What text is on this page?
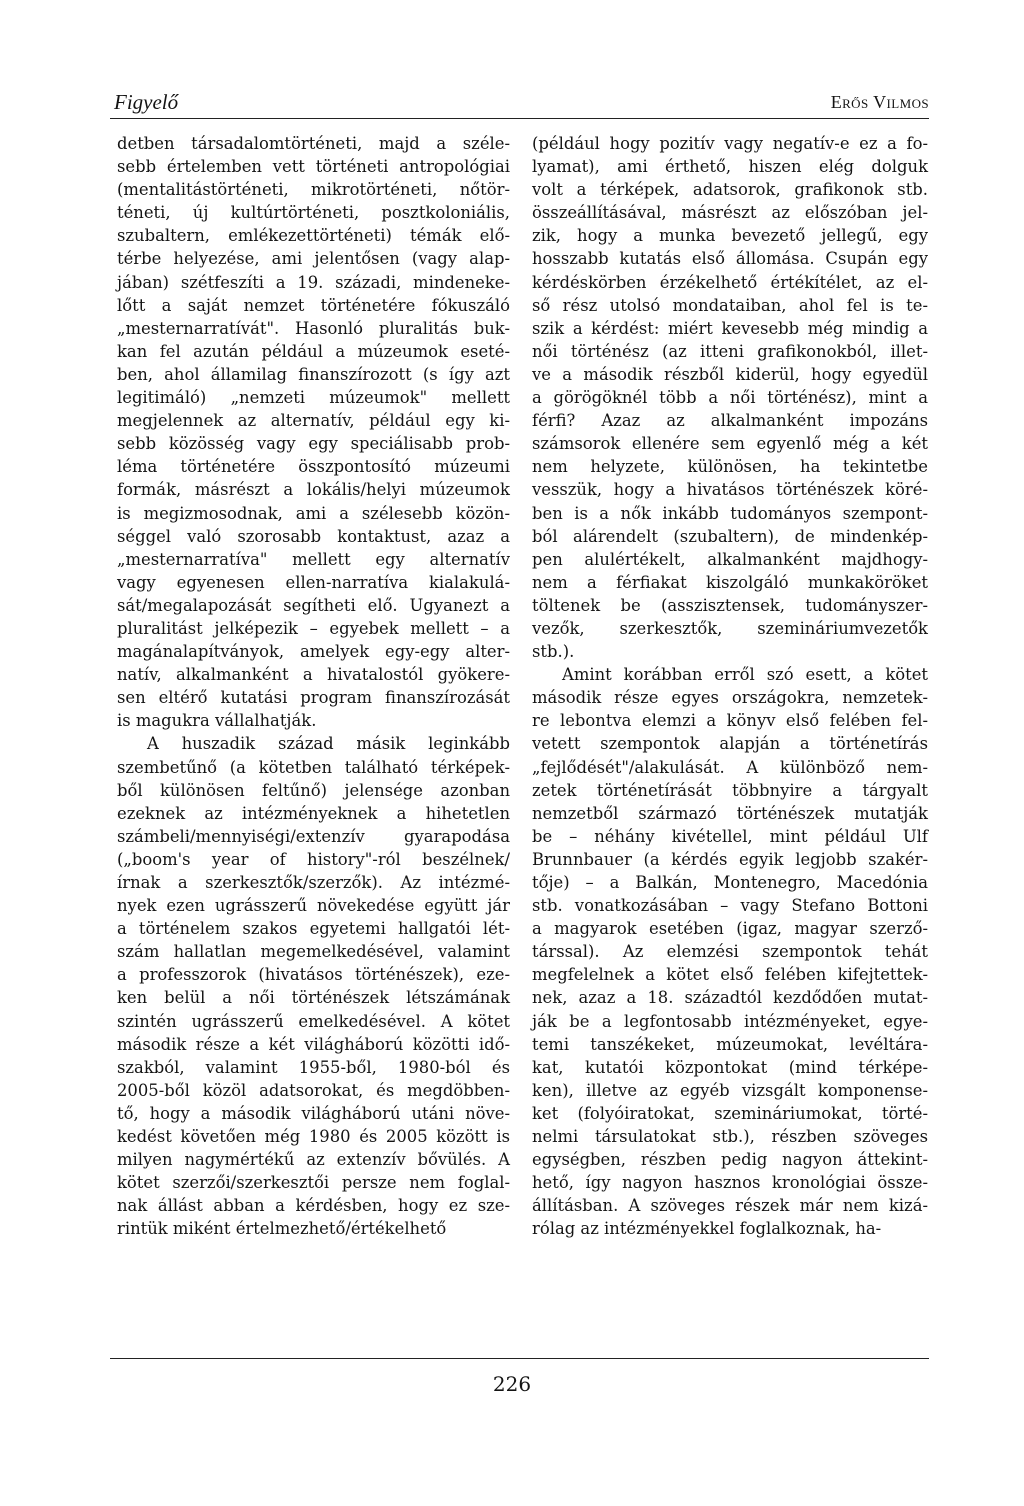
Figyelő	Erős Vilmos

detben társadalomtörténeti, majd a széle-
sebb értelemben vett történeti antropológiai
(mentalitástörténeti, mikrotörténeti, nőtör-
téneti, új kultúrtörténeti, posztkoloniális,
szubaltern, emlékezettörténeti) témák elő-
térbe helyezése, ami jelentősen (vagy alap-
jában) szétfeszíti a 19. századi, mindeneke-
lőtt a saját nemzet történetére fókuszáló
„mesternarratívát". Hasonló pluralitás buk-
kan fel azután például a múzeumok eseté-
ben, ahol államilag finanszírozott (s így azt
legitimáló) „nemzeti múzeumok" mellett
megjelennek az alternatív, például egy ki-
sebb közösség vagy egy speciálisabb prob-
léma történetére összpontosító múzeumi
formák, másrészt a lokális/helyi múzeumok
is megizmosodnak, ami a szélesebb közön-
séggel való szorosabb kontaktust, azaz a
„mesternarratíva" mellett egy alternatív
vagy egyenesen ellen-narratíva kialakulá-
sát/megalapozását segítheti elő. Ugyanezt a
pluralitást jelképezik – egyebek mellett – a
magánalapítványok, amelyek egy-egy alter-
natív, alkalmanként a hivatalostól gyökere-
sen eltérő kutatási program finanszírozását
is magukra vállalhatják.

A huszadik század másik leginkább
szembetűnő (a kötetben található térképek-
ből különösen feltűnő) jelensége azonban
ezeknek az intézményeknek a hihetetlen
számbeli/mennyiségi/extenzív gyarapodása
(„boom's year of history"-ról beszélnek/
írnak a szerkesztők/szerzők). Az intézmé-
nyek ezen ugrásszerű növekedése együtt jár
a történelem szakos egyetemi hallgatói lét-
szám hallatlan megemelkedésével, valamint
a professzorok (hivatásos történészek), eze-
ken belül a női történészek létszámának
szintén ugrásszerű emelkedésével. A kötet
második része a két világháború közötti idő-
szakból, valamint 1955-ből, 1980-ból és
2005-ből közöl adatsorokat, és megdöbben-
tő, hogy a második világháború utáni növe-
kedést követően még 1980 és 2005 között is
milyen nagymértékű az extenzív bővülés. A
kötet szerzői/szerkesztői persze nem foglal-
nak állást abban a kérdésben, hogy ez sze-
rintük miként értelmezhető/értékelhető

(például hogy pozitív vagy negatív-e ez a fo-
lyamat), ami érthető, hiszen elég dolguk
volt a térképek, adatsorok, grafikonok stb.
összeállításával, másrészt az előszóban jel-
zik, hogy a munka bevezető jellegű, egy
hosszabb kutatás első állomása. Csupán egy
kérdéskörben érzékelhető értékítélet, az el-
ső rész utolsó mondataiban, ahol fel is te-
szik a kérdést: miért kevesebb még mindig a
női történész (az itteni grafikonokból, illet-
ve a második részből kiderül, hogy egyedül
a görögöknél több a női történész), mint a
férfi? Azaz az alkalmanként impozáns
számsorok ellenére sem egyenlő még a két
nem helyzete, különösen, ha tekintetbe
vesszük, hogy a hivatásos történészek köré-
ben is a nők inkább tudományos szempont-
ból alárendelt (szubaltern), de mindenkép-
pen alulértékelt, alkalmanként majdhogy-
nem a férfiakat kiszolgáló munkaköröket
töltenek be (asszisztensek, tudományszer-
vezők, szerkesztők, szemináriumvezetők
stb.).

Amint korábban erről szó esett, a kötet
második része egyes országokra, nemzetek-
re lebontva elemzi a könyv első felében fel-
vetett szempontok alapján a történetírás
„fejlődését"/alakulását. A különböző nem-
zetek történetírását többnyire a tárgyalt
nemzetből származó történészek mutatják
be – néhány kivétellel, mint például Ulf
Brunnbauer (a kérdés egyik legjobb szakér-
tője) – a Balkán, Montenegro, Macedónia
stb. vonatkozásában – vagy Stefano Bottoni
a magyarok esetében (igaz, magyar szerző-
társsal). Az elemzési szempontok tehát
megfelelnek a kötet első felében kifejtettek-
nek, azaz a 18. századtól kezdődően mutat-
ják be a legfontosabb intézményeket, egye-
temi tanszékeket, múzeumokat, levéltára-
kat, kutatói központokat (mind térképe-
ken), illetve az egyéb vizsgált komponense-
ket (folyóiratokat, szemináriumokat, törté-
nelmi társulatokat stb.), részben szöveges
egységben, részben pedig nagyon áttekint-
hető, így nagyon hasznos kronológiai össze-
állításban. A szöveges részek már nem kizá-
rólag az intézményekkel foglalkoznak, ha-

226
